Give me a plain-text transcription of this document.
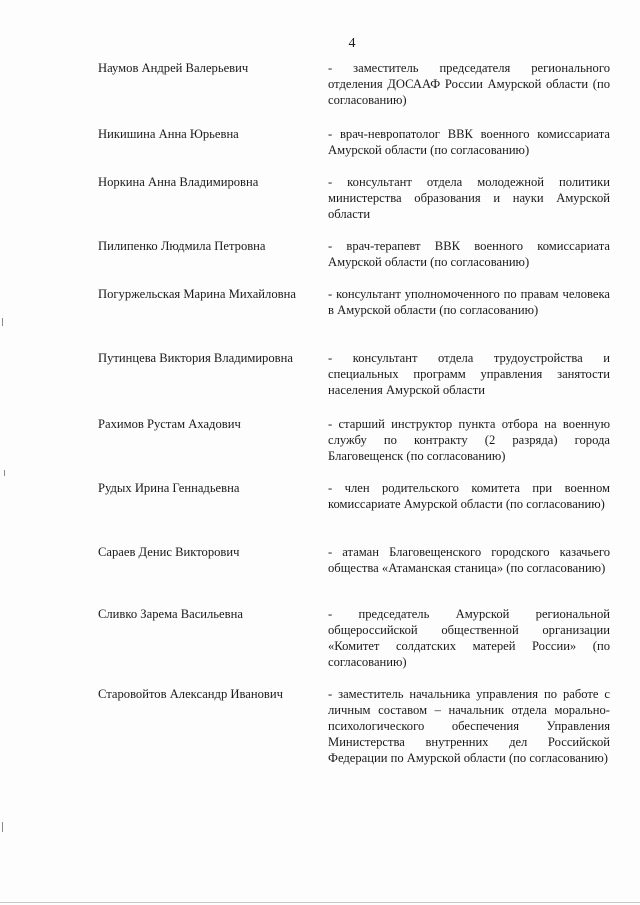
4
Наумов Андрей Валерьевич	- заместитель председателя регионального отделения ДОСААФ России Амурской области (по согласованию)
Никишина Анна Юрьевна	- врач-невропатолог ВВК военного комиссариата Амурской области (по согласованию)
Норкина Анна Владимировна	- консультант отдела молодежной политики министерства образования и науки Амурской области
Пилипенко Людмила Петровна	- врач-терапевт ВВК военного комиссариата Амурской области (по согласованию)
Погуржельская Марина Михайловна	- консультант уполномоченного по правам человека в Амурской области (по согласованию)
Путинцева Виктория Владимировна	- консультант отдела трудоустройства и специальных программ управления занятости населения Амурской области
Рахимов Рустам Ахадович	- старший инструктор пункта отбора на военную службу по контракту (2 разряда) города Благовещенск (по согласованию)
Рудых Ирина Геннадьевна	- член родительского комитета при военном комиссариате Амурской области (по согласованию)
Сараев Денис Викторович	- атаман Благовещенского городского казачьего общества «Атаманская станица» (по согласованию)
Сливко Зарема Васильевна	- председатель Амурской региональной общероссийской общественной организации «Комитет солдатских матерей России» (по согласованию)
Старовойтов Александр Иванович	- заместитель начальника управления по работе с личным составом – начальник отдела морально-психологического обеспечения Управления Министерства внутренних дел Российской Федерации по Амурской области (по согласованию)
